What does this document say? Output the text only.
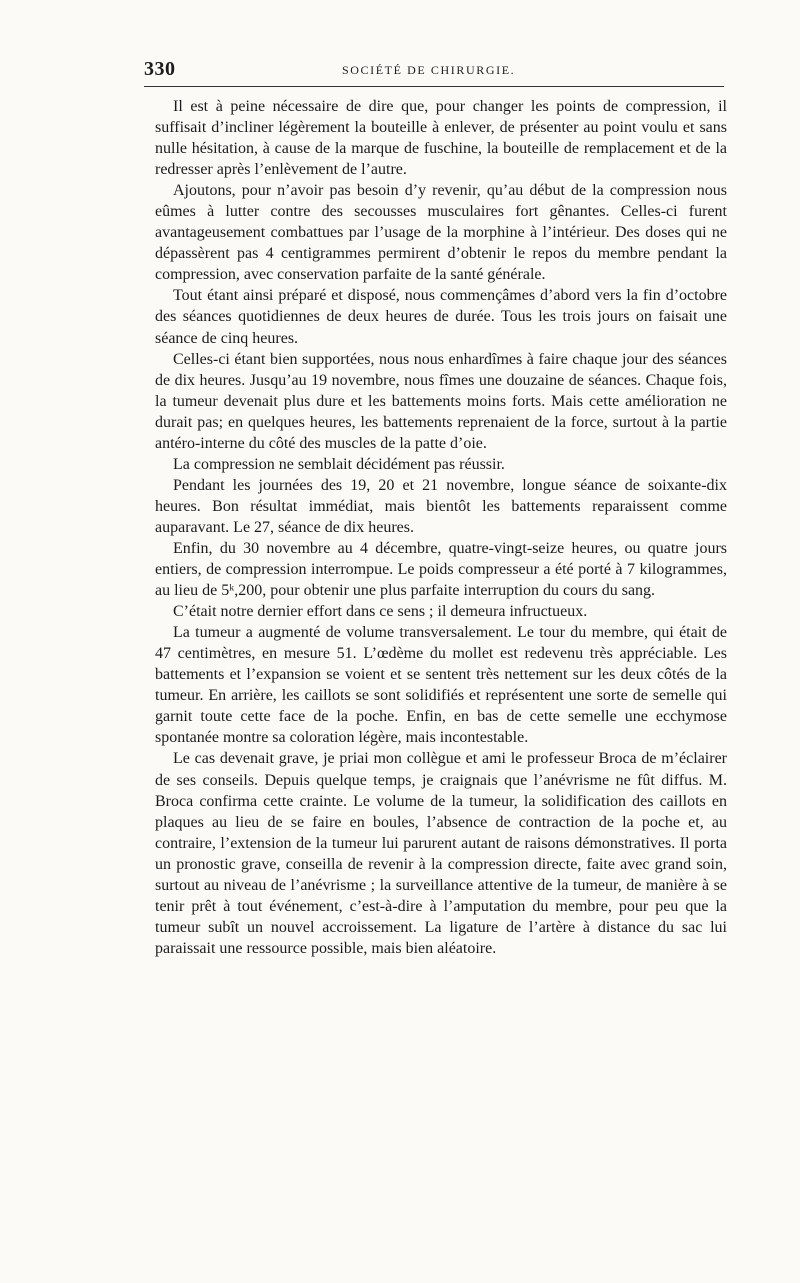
330	SOCIÉTÉ DE CHIRURGIE.

Il est à peine nécessaire de dire que, pour changer les points de compression, il suffisait d’incliner légèrement la bouteille à enlever, de présenter au point voulu et sans nulle hésitation, à cause de la marque de fuschine, la bouteille de remplacement et de la redresser après l’enlèvement de l’autre.

Ajoutons, pour n’avoir pas besoin d’y revenir, qu’au début de la compression nous eûmes à lutter contre des secousses musculaires fort gênantes. Celles-ci furent avantageusement combattues par l’usage de la morphine à l’intérieur. Des doses qui ne dépassèrent pas 4 centigrammes permirent d’obtenir le repos du membre pendant la compression, avec conservation parfaite de la santé générale.

Tout étant ainsi préparé et disposé, nous commençâmes d’abord vers la fin d’octobre des séances quotidiennes de deux heures de durée. Tous les trois jours on faisait une séance de cinq heures.

Celles-ci étant bien supportées, nous nous enhardîmes à faire chaque jour des séances de dix heures. Jusqu’au 19 novembre, nous fîmes une douzaine de séances. Chaque fois, la tumeur devenait plus dure et les battements moins forts. Mais cette amélioration ne durait pas; en quelques heures, les battements reprenaient de la force, surtout à la partie antéro-interne du côté des muscles de la patte d’oie.

La compression ne semblait décidément pas réussir.

Pendant les journées des 19, 20 et 21 novembre, longue séance de soixante-dix heures. Bon résultat immédiat, mais bientôt les battements reparaissent comme auparavant. Le 27, séance de dix heures.

Enfin, du 30 novembre au 4 décembre, quatre-vingt-seize heures, ou quatre jours entiers, de compression interrompue. Le poids compresseur a été porté à 7 kilogrammes, au lieu de 5ᵏ,200, pour obtenir une plus parfaite interruption du cours du sang.

C’était notre dernier effort dans ce sens ; il demeura infructueux.

La tumeur a augmenté de volume transversalement. Le tour du membre, qui était de 47 centimètres, en mesure 51. L’œdème du mollet est redevenu très appréciable. Les battements et l’expansion se voient et se sentent très nettement sur les deux côtés de la tumeur. En arrière, les caillots se sont solidifiés et représentent une sorte de semelle qui garnit toute cette face de la poche. Enfin, en bas de cette semelle une ecchymose spontanée montre sa coloration légère, mais incontestable.

Le cas devenait grave, je priai mon collègue et ami le professeur Broca de m’éclairer de ses conseils. Depuis quelque temps, je craignais que l’anévrisme ne fût diffus. M. Broca confirma cette crainte. Le volume de la tumeur, la solidification des caillots en plaques au lieu de se faire en boules, l’absence de contraction de la poche et, au contraire, l’extension de la tumeur lui parurent autant de raisons démonstratives. Il porta un pronostic grave, conseilla de revenir à la compression directe, faite avec grand soin, surtout au niveau de l’anévrisme ; la surveillance attentive de la tumeur, de manière à se tenir prêt à tout événement, c’est-à-dire à l’amputation du membre, pour peu que la tumeur subît un nouvel accroissement. La ligature de l’artère à distance du sac lui paraissait une ressource possible, mais bien aléatoire.
